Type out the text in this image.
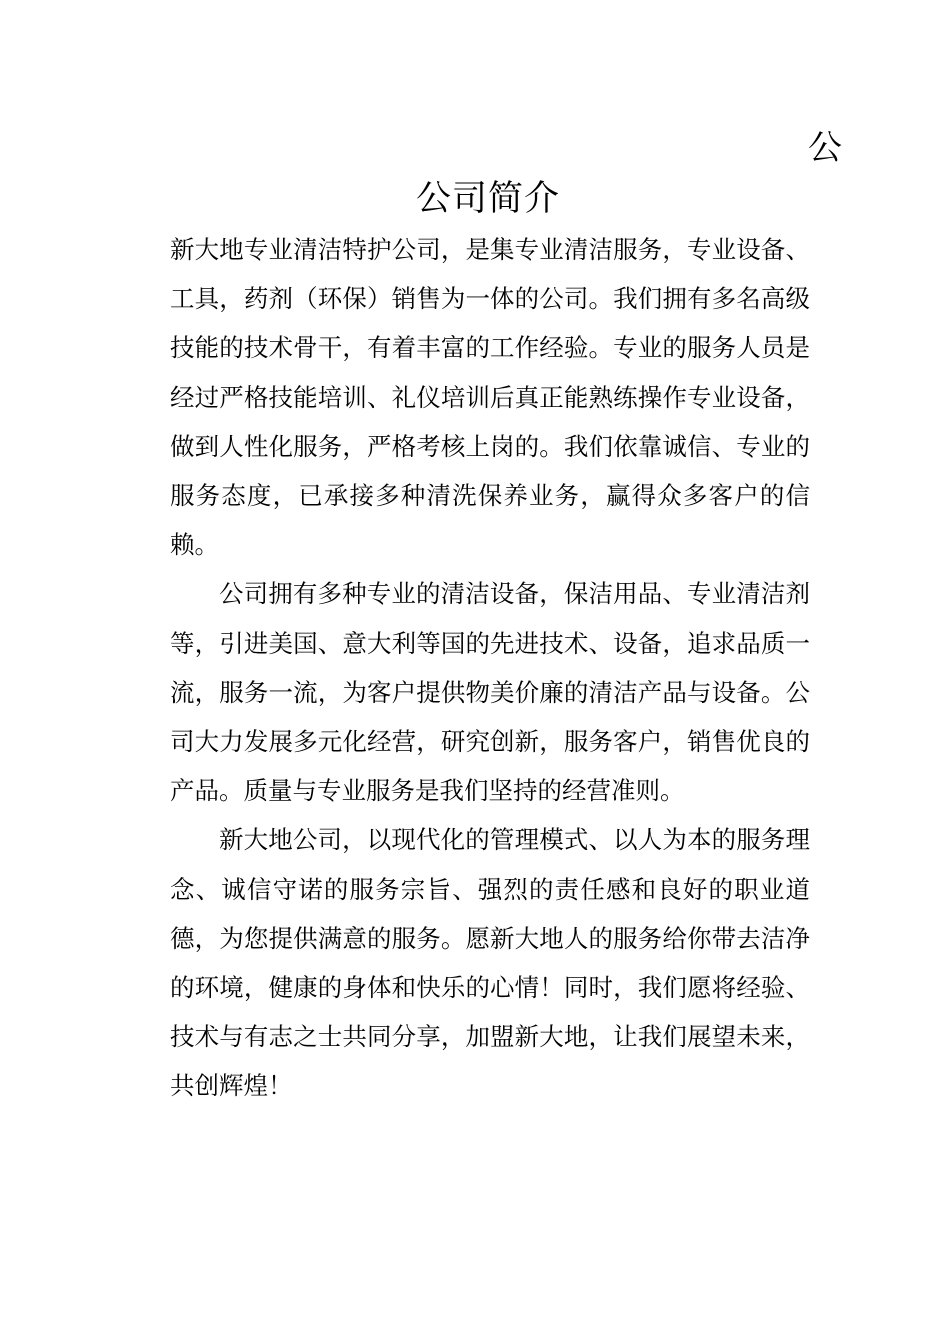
公
公司简介

新大地专业清洁特护公司，是集专业清洁服务，专业设备、工具，药剂（环保）销售为一体的公司。我们拥有多名高级技能的技术骨干，有着丰富的工作经验。专业的服务人员是经过严格技能培训、礼仪培训后真正能熟练操作专业设备，做到人性化服务，严格考核上岗的。我们依靠诚信、专业的服务态度，已承接多种清洗保养业务，赢得众多客户的信赖。

公司拥有多种专业的清洁设备，保洁用品、专业清洁剂等，引进美国、意大利等国的先进技术、设备，追求品质一流，服务一流，为客户提供物美价廉的清洁产品与设备。公司大力发展多元化经营，研究创新，服务客户，销售优良的产品。质量与专业服务是我们坚持的经营准则。

新大地公司，以现代化的管理模式、以人为本的服务理念、诚信守诺的服务宗旨、强烈的责任感和良好的职业道德，为您提供满意的服务。愿新大地人的服务给你带去洁净的环境，健康的身体和快乐的心情！同时，我们愿将经验、技术与有志之士共同分享，加盟新大地，让我们展望未来，共创辉煌！
